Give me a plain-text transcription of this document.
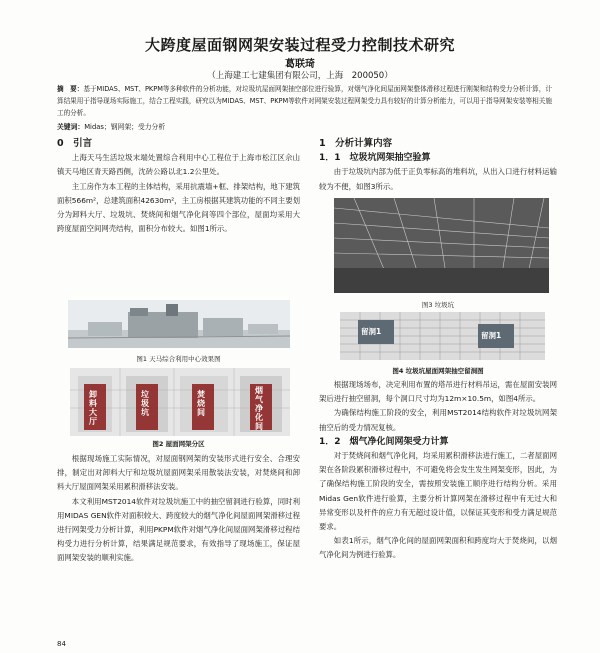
大跨度屋面钢网架安装过程受力控制技术研究
葛联琦
（上海建工七建集团有限公司，上海　200050）
摘　要：基于MIDAS、MST、PKPM等多种软件的分析功能，对垃圾坑屋面网架抽空部位进行验算，对烟气净化间屋面网架整体滑移过程进行刚架和结构受力分析计算，计算结果用于指导现场实际施工，结合工程实践，研究以为MIDAS、MST、PKPM等软件对网架安装过程网架受力具有较好的计算分析能力，可以用于指导网架安装等相关施工的分析。
关键词：Midas；钢网架；受力分析
0　引言

上海天马生活垃圾末端处置综合利用中心工程位于上海市松江区佘山镇天马地区青天路西侧，沈砖公路以北1.2公里处。

主工房作为本工程的主体结构，采用抗震墙+框、排架结构，地下建筑面积566m²，总建筑面积42630m²，主工房根据其建筑功能的不同主要划分为卸料大厅、垃圾坑、焚烧间和烟气净化间等四个部位，屋面均采用大跨度屋面空间网壳结构，面积分布较大。如图1所示。

图1 天马综合利用中心效果图
卸料大厅
垃圾坑
焚烧间
烟气净化间
图2 屋面网架分区

根据现场施工实际情况，对屋面钢网架的安装形式进行安全、合理安排，制定出对卸料大厅和垃圾坑屋面网架采用散装法安装，对焚烧间和卸料大厅屋面网架采用累积滑移法安装。

本文利用MST2014软件对垃圾坑施工中的抽空留洞进行验算，同时利用MIDAS GEN软件对面积较大、跨度较大的烟气净化间屋面网架滑移过程进行网架受力分析计算，利用PKPM软件对烟气净化间屋面网架滑移过程结构受力进行分析计算，结果满足规范要求，有效指导了现场施工，保证屋面网架安装的顺利实施。

1　分析计算内容
1．1　垃圾坑网架抽空验算

由于垃圾坑内部为低于正负零标高的堆料坑，从出入口进行材料运输较为不便，如图3所示。

图3 垃圾坑
留洞1	留洞1
图4 垃圾坑屋面网架抽空留洞图

根据现场场布，决定利用布置的塔吊进行材料吊运，需在屋面安装网架后进行抽空留洞，每个洞口尺寸均为12m×10.5m，如图4所示。

为确保结构施工阶段的安全，利用MST2014结构软件对垃圾坑网架抽空后的受力情况复核。

1．2　烟气净化间网架受力计算

对于焚烧间和烟气净化间，均采用累积滑移法进行施工，二者屋面网架在各阶段累积滑移过程中，不可避免将会发生发生网架变形，因此，为了确保结构施工阶段的安全，需按照安装施工顺序进行结构分析。采用Midas Gen软件进行验算，主要分析计算网架在滑移过程中有无过大和异常变形以及杆件的应力有无超过设计值，以保证其变形和受力满足规范要求。

如表1所示，烟气净化间的屋面网架面积和跨度均大于焚烧间，以烟气净化间为例进行验算。

84
